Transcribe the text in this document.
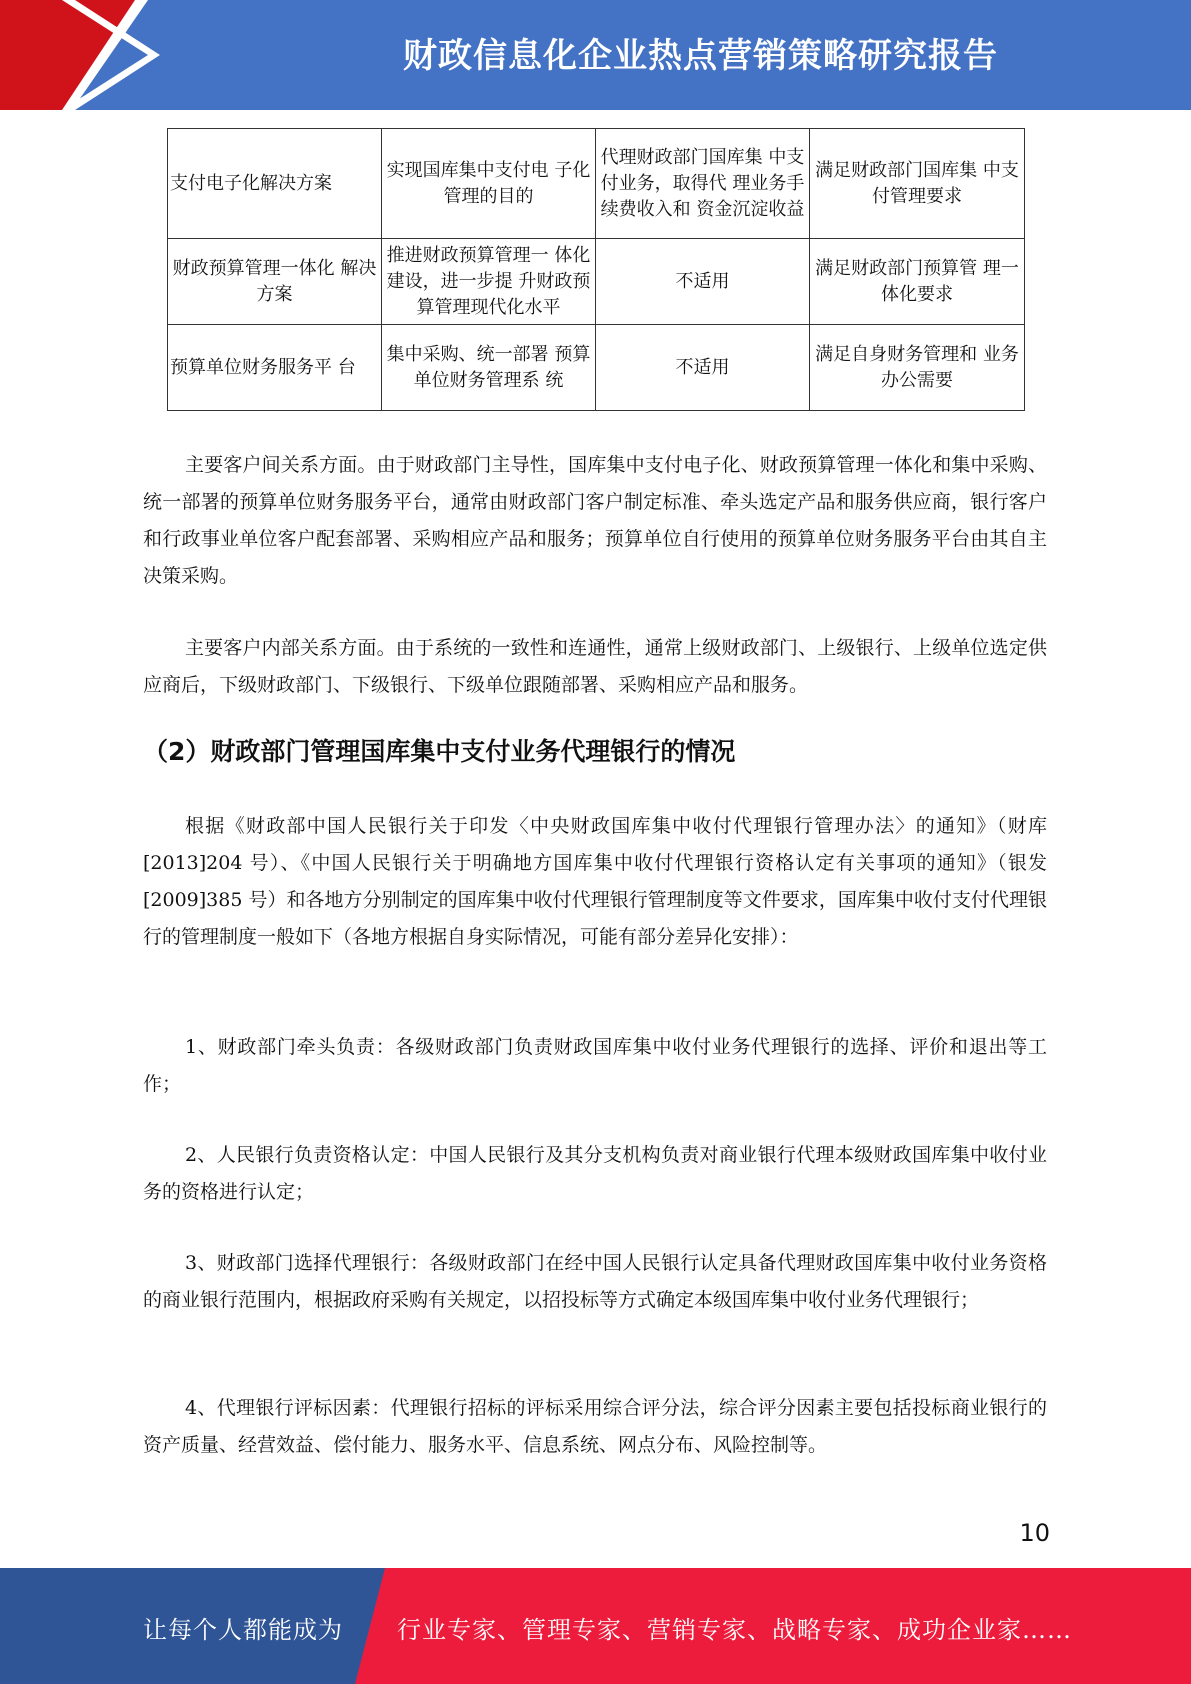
财政信息化企业热点营销策略研究报告
支付电子化解决方案	实现国库集中支付电 子化管理的目的	代理财政部门国库集 中支付业务，取得代 理业务手续费收入和 资金沉淀收益	满足财政部门国库集 中支付管理要求
财政预算管理一体化 解决方案	推进财政预算管理一 体化建设，进一步提 升财政预算管理现代化水平	不适用	满足财政部门预算管 理一体化要求
预算单位财务服务平 台	集中采购、统一部署 预算单位财务管理系 统	不适用	满足自身财务管理和 业务办公需要

主要客户间关系方面。由于财政部门主导性，国库集中支付电子化、财政预算管理一体化和集中采购、统一部署的预算单位财务服务平台，通常由财政部门客户制定标准、牵头选定产品和服务供应商，银行客户和行政事业单位客户配套部署、采购相应产品和服务；预算单位自行使用的预算单位财务服务平台由其自主决策采购。

主要客户内部关系方面。由于系统的一致性和连通性，通常上级财政部门、上级银行、上级单位选定供应商后，下级财政部门、下级银行、下级单位跟随部署、采购相应产品和服务。

（2）财政部门管理国库集中支付业务代理银行的情况

根据《财政部中国人民银行关于印发〈中央财政国库集中收付代理银行管理办法〉的通知》（财库[2013]204 号）、《中国人民银行关于明确地方国库集中收付代理银行资格认定有关事项的通知》（银发[2009]385 号）和各地方分别制定的国库集中收付代理银行管理制度等文件要求，国库集中收付支付代理银行的管理制度一般如下（各地方根据自身实际情况，可能有部分差异化安排）：

1、财政部门牵头负责：各级财政部门负责财政国库集中收付业务代理银行的选择、评价和退出等工作；

2、人民银行负责资格认定：中国人民银行及其分支机构负责对商业银行代理本级财政国库集中收付业务的资格进行认定；

3、财政部门选择代理银行：各级财政部门在经中国人民银行认定具备代理财政国库集中收付业务资格的商业银行范围内，根据政府采购有关规定，以招投标等方式确定本级国库集中收付业务代理银行；

4、代理银行评标因素：代理银行招标的评标采用综合评分法，综合评分因素主要包括投标商业银行的资产质量、经营效益、偿付能力、服务水平、信息系统、网点分布、风险控制等。

10
让每个人都能成为 行业专家、管理专家、营销专家、战略专家、成功企业家……
